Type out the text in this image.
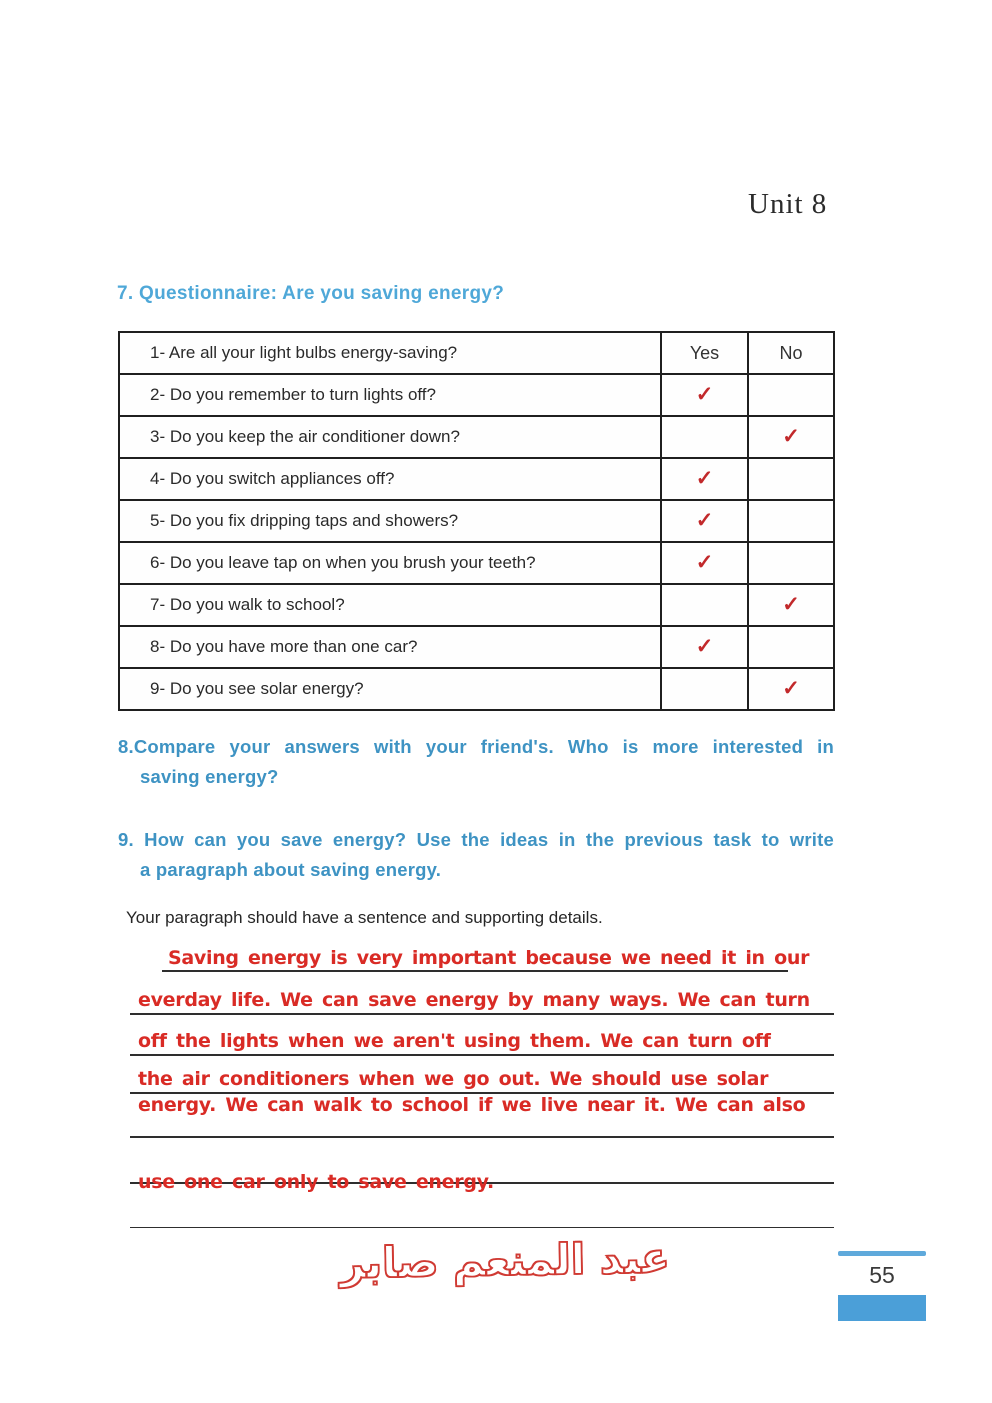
Unit 8
7. Questionnaire: Are you saving energy?
1- Are all your light bulbs energy-saving?	Yes	No
2- Do you remember to turn lights off?	✓	
3- Do you keep the air conditioner down?		✓
4- Do you switch appliances off?	✓	
5- Do you fix dripping taps and showers?	✓	
6- Do you leave tap on when you brush your teeth?	✓	
7- Do you walk to school?		✓
8- Do you have more than one car?	✓	
9- Do you see solar energy?		✓
8.Compare your answers with your friend's. Who is more interested in
saving energy?
9. How can you save energy? Use the ideas in the previous task to write
a paragraph about saving energy.
Your paragraph should have a sentence and supporting details.
Saving energy is very important because we need it in our
everday life. We can save energy by many ways. We can turn
off the lights when we aren't using them. We can turn off
the air conditioners when we go out. We should use solar
energy. We can walk to school if we live near it. We can also
use one car only to save energy.
عبد المنعم صابر	55
